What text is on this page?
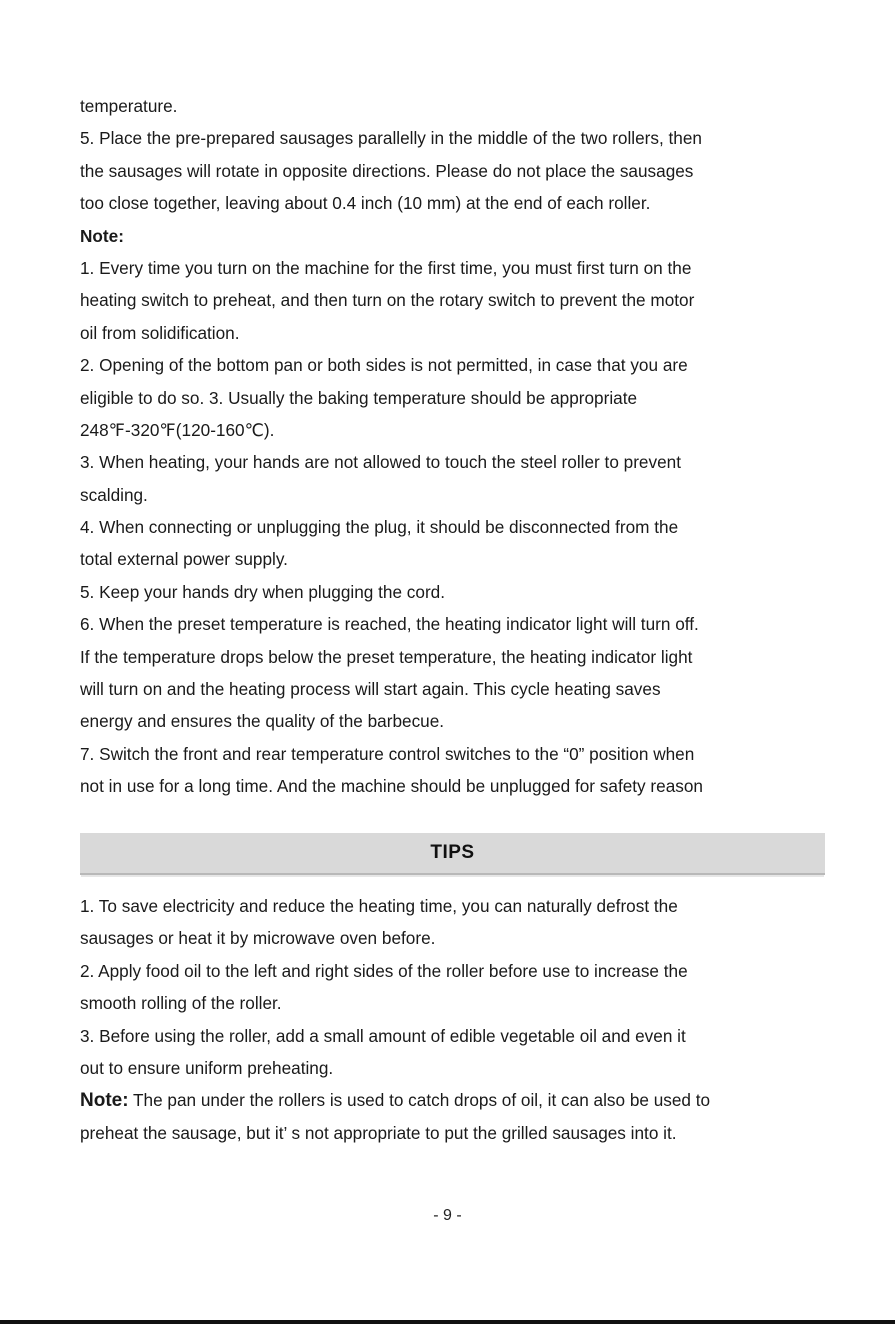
temperature.
5. Place the pre-prepared sausages parallelly in the middle of the two rollers, then
the sausages will rotate in opposite directions. Please do not place the sausages
too close together, leaving about 0.4 inch (10 mm) at the end of each roller.
Note:
1. Every time you turn on the machine for the first time, you must first turn on the
heating switch to preheat, and then turn on the rotary switch to prevent the motor
oil from solidification.
2. Opening of the bottom pan or both sides is not permitted, in case that you are
eligible to do so. 3. Usually the baking temperature should be appropriate
248℉-320℉(120-160℃).
3. When heating, your hands are not allowed to touch the steel roller to prevent
scalding.
4. When connecting or unplugging the plug, it should be disconnected from the
total external power supply.
5. Keep your hands dry when plugging the cord.
6. When the preset temperature is reached, the heating indicator light will turn off.
If the temperature drops below the preset temperature, the heating indicator light
will turn on and the heating process will start again. This cycle heating saves
energy and ensures the quality of the barbecue.
7. Switch the front and rear temperature control switches to the “0” position when
not in use for a long time. And the machine should be unplugged for safety reason
TIPS
1. To save electricity and reduce the heating time, you can naturally defrost the
sausages or heat it by microwave oven before.
2. Apply food oil to the left and right sides of the roller before use to increase the
smooth rolling of the roller.
3. Before using the roller, add a small amount of edible vegetable oil and even it
out to ensure uniform preheating.
Note: The pan under the rollers is used to catch drops of oil, it can also be used to
preheat the sausage, but it’ s not appropriate to put the grilled sausages into it.
- 9 -
